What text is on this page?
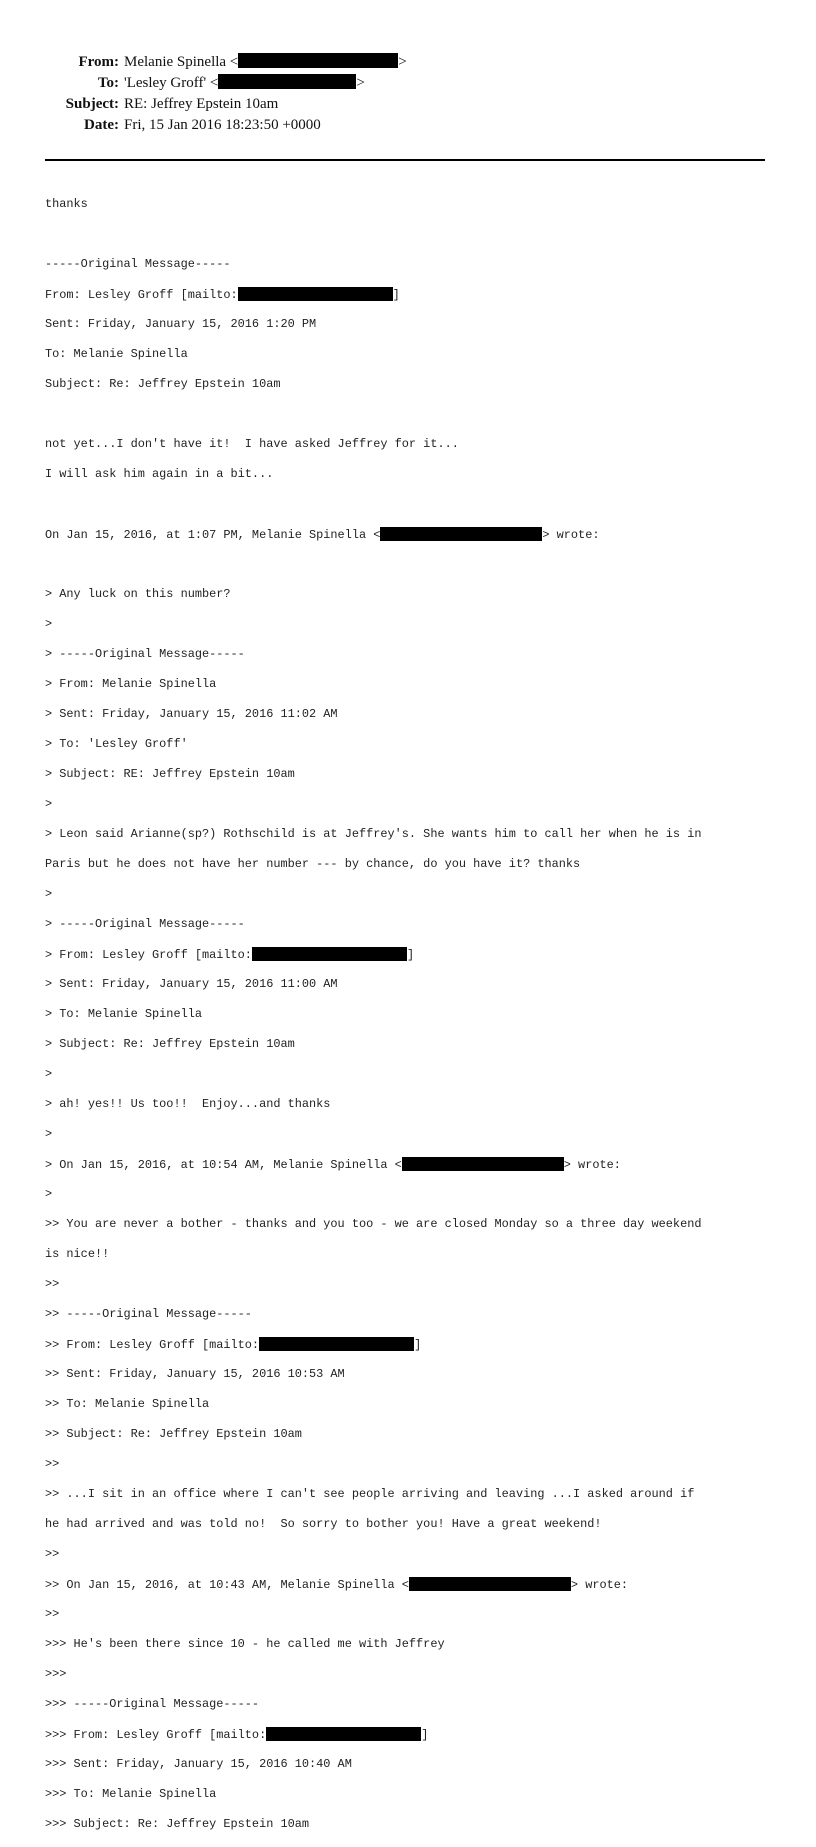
From: Melanie Spinella <	>
To: 'Lesley Groff' <	>
Subject: RE: Jeffrey Epstein 10am
Date: Fri, 15 Jan 2016 18:23:50 +0000

thanks

-----Original Message-----

From: Lesley Groff [mailto:	]

Sent: Friday, January 15, 2016 1:20 PM

To: Melanie Spinella

Subject: Re: Jeffrey Epstein 10am

not yet...I don't have it!  I have asked Jeffrey for it...

I will ask him again in a bit...

On Jan 15, 2016, at 1:07 PM, Melanie Spinella <	> wrote:

> Any luck on this number?

>

> -----Original Message-----

> From: Melanie Spinella

> Sent: Friday, January 15, 2016 11:02 AM

> To: 'Lesley Groff'

> Subject: RE: Jeffrey Epstein 10am

>

> Leon said Arianne(sp?) Rothschild is at Jeffrey's. She wants him to call her when he is in

Paris but he does not have her number --- by chance, do you have it? thanks

>

> -----Original Message-----

> From: Lesley Groff [mailto:	]

> Sent: Friday, January 15, 2016 11:00 AM

> To: Melanie Spinella

> Subject: Re: Jeffrey Epstein 10am

>

> ah! yes!! Us too!!  Enjoy...and thanks

>

> On Jan 15, 2016, at 10:54 AM, Melanie Spinella <	> wrote:

>

>> You are never a bother - thanks and you too - we are closed Monday so a three day weekend

is nice!!

>>

>> -----Original Message-----

>> From: Lesley Groff [mailto:	]

>> Sent: Friday, January 15, 2016 10:53 AM

>> To: Melanie Spinella

>> Subject: Re: Jeffrey Epstein 10am

>>

>> ...I sit in an office where I can't see people arriving and leaving ...I asked around if

he had arrived and was told no!  So sorry to bother you! Have a great weekend!

>>

>> On Jan 15, 2016, at 10:43 AM, Melanie Spinella <	> wrote:

>>

>>> He's been there since 10 - he called me with Jeffrey

>>>

>>> -----Original Message-----

>>> From: Lesley Groff [mailto:	]

>>> Sent: Friday, January 15, 2016 10:40 AM

>>> To: Melanie Spinella

>>> Subject: Re: Jeffrey Epstein 10am
